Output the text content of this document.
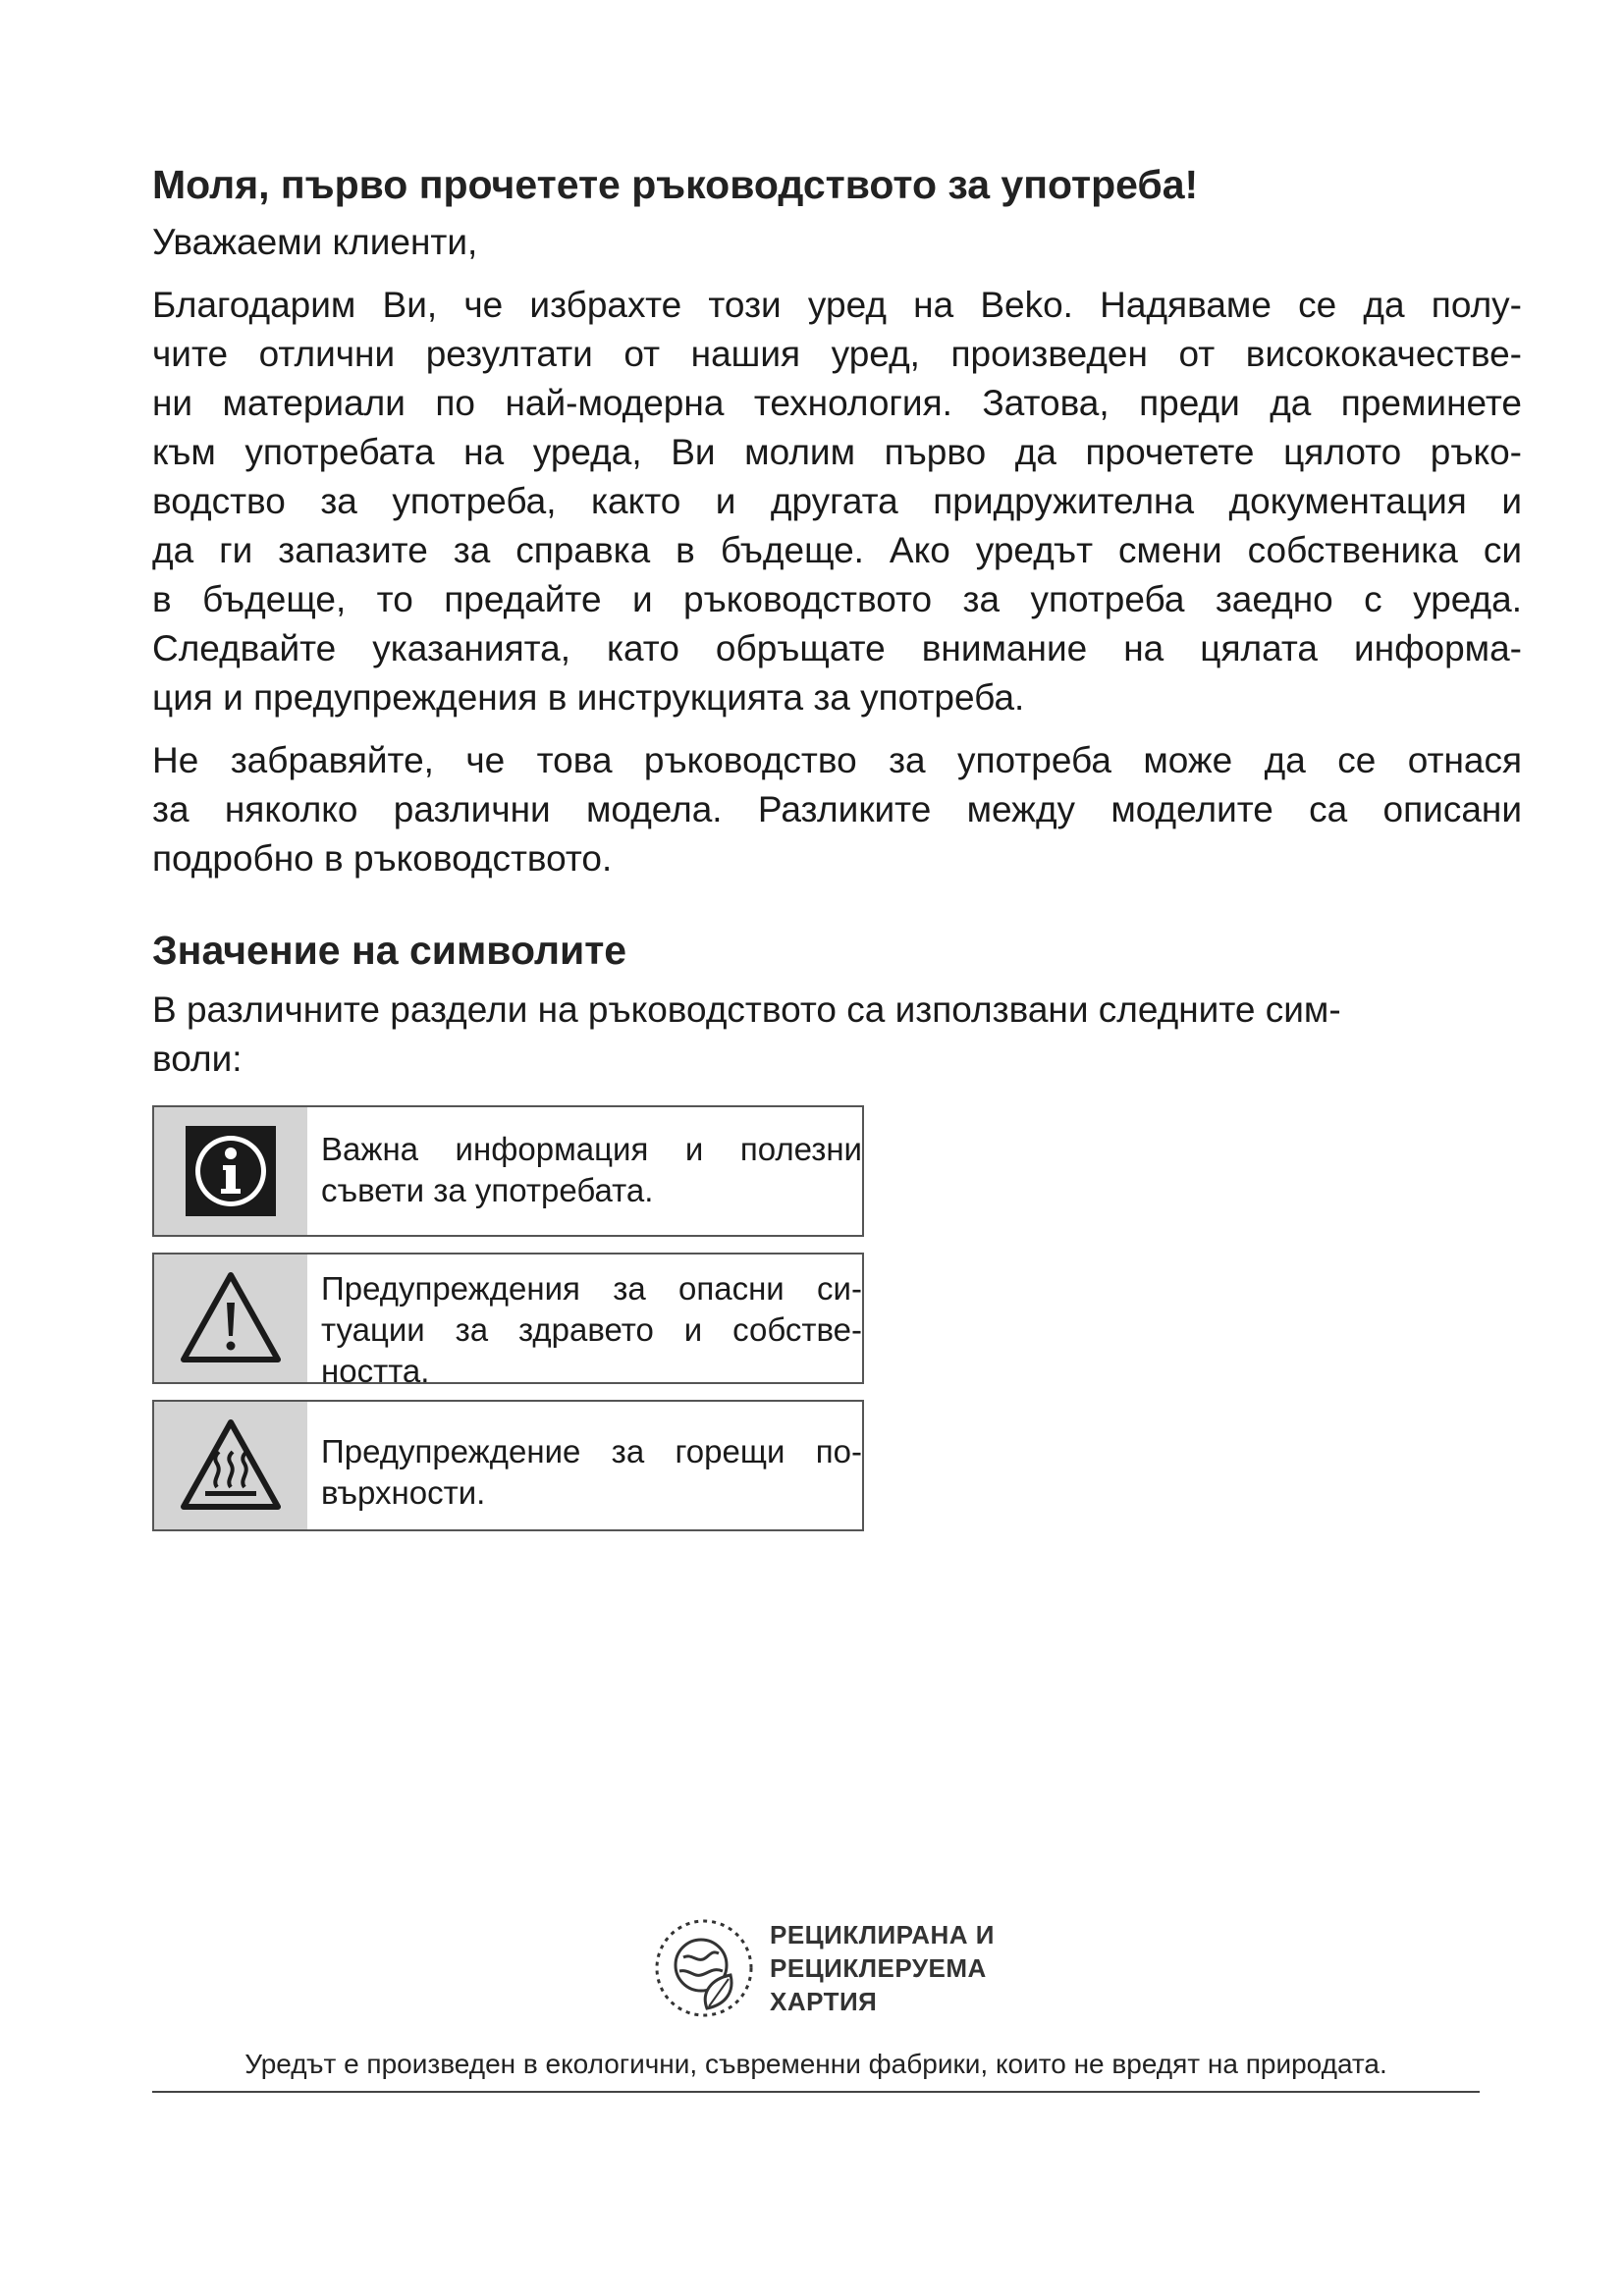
Моля, първо прочетете ръководството за употреба!

Уважаеми клиенти,

Благодарим Ви, че избрахте този уред на Beko. Надяваме се да полу-
чите отлични резултати от нашия уред, произведен от висококачестве-
ни материали по най-модерна технология. Затова, преди да преминете
към употребата на уреда, Ви молим първо да прочетете цялото ръко-
водство за употреба, както и другата придружителна документация и
да ги запазите за справка в бъдеще. Ако уредът смени собственика си
в бъдеще, то предайте и ръководството за употреба заедно с уреда.
Следвайте указанията, като обръщате внимание на цялата информа-
ция и предупреждения в инструкцията за употреба.

Не забравяйте, че това ръководство за употреба може да се отнася
за няколко различни модела. Разликите между моделите са описани
подробно в ръководството.

Значение на символите

В различните раздели на ръководството са използвани следните сим-
воли:

Важна информация и полезни
съвети за употребата.
Предупреждения за опасни си-
туации за здравето и собстве-
ността.
Предупреждение за горещи по-
върхности.
РЕЦИКЛИРАНА И
РЕЦИКЛЕРУЕМА
ХАРТИЯ
Уредът е произведен в екологични, съвременни фабрики, които не вредят на природата.
